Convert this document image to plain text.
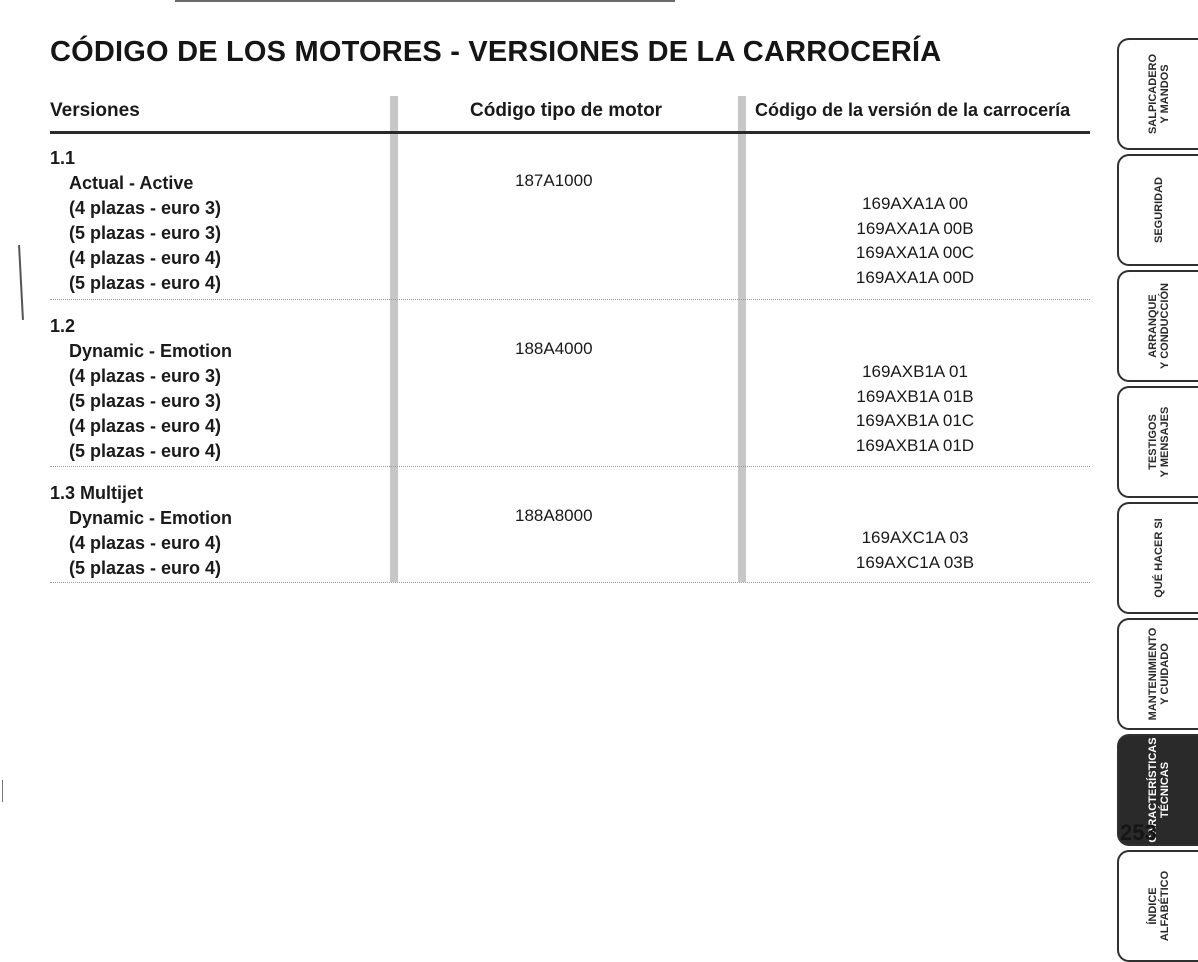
CÓDIGO DE LOS MOTORES - VERSIONES DE LA CARROCERÍA
Versiones	Código tipo de motor	Código de la versión de la carrocería
1.1
Actual - Active
(4 plazas - euro 3)
(5 plazas - euro 3)
(4 plazas - euro 4)
(5 plazas - euro 4)
187A1000
169AXA1A 00
169AXA1A 00B
169AXA1A 00C
169AXA1A 00D
1.2
Dynamic - Emotion
(4 plazas - euro 3)
(5 plazas - euro 3)
(4 plazas - euro 4)
(5 plazas - euro 4)
188A4000
169AXB1A 01
169AXB1A 01B
169AXB1A 01C
169AXB1A 01D
1.3 Multijet
Dynamic - Emotion
(4 plazas - euro 4)
(5 plazas - euro 4)
188A8000
169AXC1A 03
169AXC1A 03B
SALPICADERO
Y MANDOS
SEGURIDAD
ARRANQUE
Y CONDUCCIÓN
TESTIGOS
Y MENSAJES
QUÉ HACER SI
MANTENIMIENTO
Y CUIDADO
CARACTERÍSTICAS
TÉCNICAS
ÍNDICE
ALFABÉTICO
253
